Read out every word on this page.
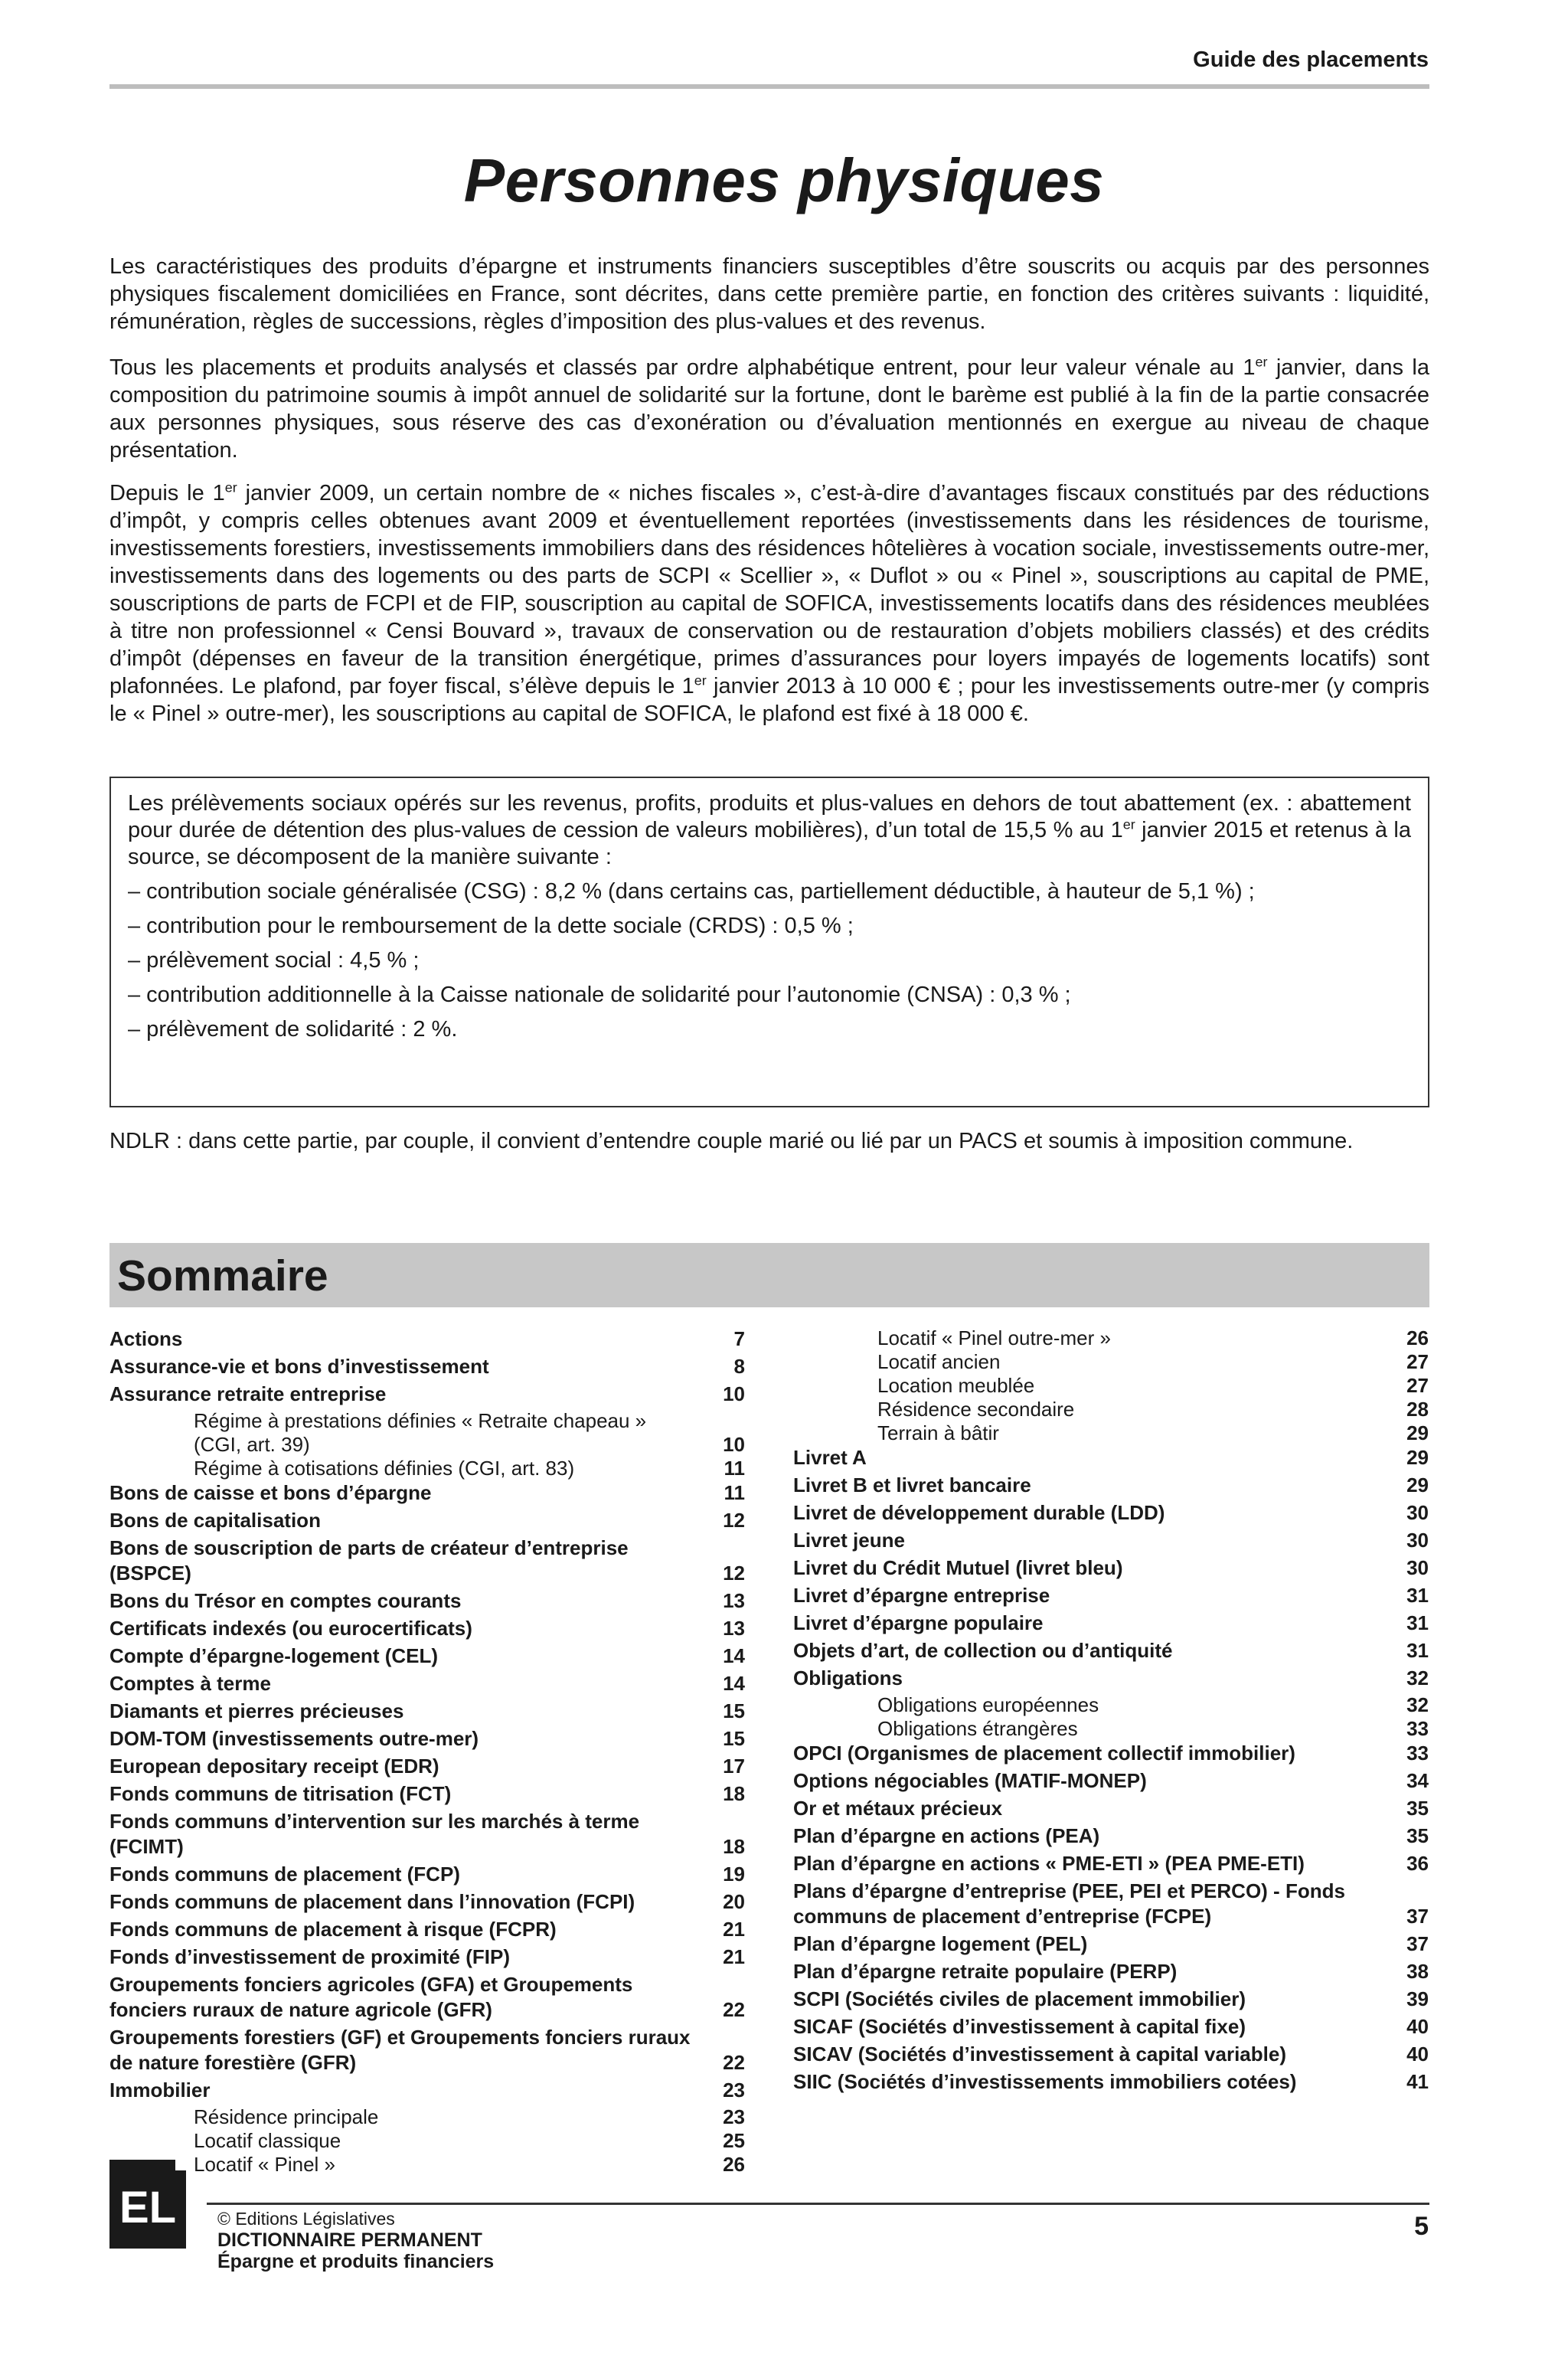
Guide des placements
Personnes physiques

Les caractéristiques des produits d’épargne et instruments financiers susceptibles d’être souscrits ou acquis par des personnes physiques fiscalement domiciliées en France, sont décrites, dans cette première partie, en fonction des critères suivants : liquidité, rémunération, règles de successions, règles d’imposition des plus-values et des revenus.

Tous les placements et produits analysés et classés par ordre alphabétique entrent, pour leur valeur vénale au 1er janvier, dans la composition du patrimoine soumis à impôt annuel de solidarité sur la fortune, dont le barème est publié à la fin de la partie consacrée aux personnes physiques, sous réserve des cas d’exonération ou d’évaluation mentionnés en exergue au niveau de chaque présentation.

Depuis le 1er janvier 2009, un certain nombre de « niches fiscales », c’est-à-dire d’avantages fiscaux constitués par des réductions d’impôt, y compris celles obtenues avant 2009 et éventuellement reportées (investissements dans les résidences de tourisme, investissements forestiers, investissements immobiliers dans des résidences hôtelières à vocation sociale, investissements outre-mer, investissements dans des logements ou des parts de SCPI « Scellier », « Duflot » ou « Pinel », souscriptions au capital de PME, souscriptions de parts de FCPI et de FIP, souscription au capital de SOFICA, investissements locatifs dans des résidences meublées à titre non professionnel « Censi Bouvard », travaux de conservation ou de restauration d’objets mobiliers classés) et des crédits d’impôt (dépenses en faveur de la transition énergétique, primes d’assurances pour loyers impayés de logements locatifs) sont plafonnées. Le plafond, par foyer fiscal, s’élève depuis le 1er janvier 2013 à 10 000 € ; pour les investissements outre-mer (y compris le « Pinel » outre-mer), les souscriptions au capital de SOFICA, le plafond est fixé à 18 000 €.

Les prélèvements sociaux opérés sur les revenus, profits, produits et plus-values en dehors de tout abattement (ex. : abattement pour durée de détention des plus-values de cession de valeurs mobilières), d’un total de 15,5 % au 1er janvier 2015 et retenus à la source, se décomposent de la manière suivante :

– contribution sociale généralisée (CSG) : 8,2 % (dans certains cas, partiellement déductible, à hauteur de 5,1 %) ;

– contribution pour le remboursement de la dette sociale (CRDS) : 0,5 % ;

– prélèvement social : 4,5 % ;

– contribution additionnelle à la Caisse nationale de solidarité pour l’autonomie (CNSA) : 0,3 % ;

– prélèvement de solidarité : 2 %.

NDLR : dans cette partie, par couple, il convient d’entendre couple marié ou lié par un PACS et soumis à imposition commune.

Sommaire
Actions	7
Assurance-vie et bons d’investissement	8
Assurance retraite entreprise	10
Régime à prestations définies « Retraite chapeau » (CGI, art. 39)	10
Régime à cotisations définies (CGI, art. 83)	11
Bons de caisse et bons d’épargne	11
Bons de capitalisation	12
Bons de souscription de parts de créateur d’entreprise (BSPCE)	12
Bons du Trésor en comptes courants	13
Certificats indexés (ou eurocertificats)	13
Compte d’épargne-logement (CEL)	14
Comptes à terme	14
Diamants et pierres précieuses	15
DOM-TOM (investissements outre-mer)	15
European depositary receipt (EDR)	17
Fonds communs de titrisation (FCT)	18
Fonds communs d’intervention sur les marchés à terme (FCIMT)	18
Fonds communs de placement (FCP)	19
Fonds communs de placement dans l’innovation (FCPI)	20
Fonds communs de placement à risque (FCPR)	21
Fonds d’investissement de proximité (FIP)	21
Groupements fonciers agricoles (GFA) et Groupements fonciers ruraux de nature agricole (GFR)	22
Groupements forestiers (GF) et Groupements fonciers ruraux de nature forestière (GFR)	22
Immobilier	23
Résidence principale	23
Locatif classique	25
Locatif « Pinel »	26
Locatif « Pinel outre-mer »	26
Locatif ancien	27
Location meublée	27
Résidence secondaire	28
Terrain à bâtir	29
Livret A	29
Livret B et livret bancaire	29
Livret de développement durable (LDD)	30
Livret jeune	30
Livret du Crédit Mutuel (livret bleu)	30
Livret d’épargne entreprise	31
Livret d’épargne populaire	31
Objets d’art, de collection ou d’antiquité	31
Obligations	32
Obligations européennes	32
Obligations étrangères	33
OPCI (Organismes de placement collectif immobilier)	33
Options négociables (MATIF-MONEP)	34
Or et métaux précieux	35
Plan d’épargne en actions (PEA)	35
Plan d’épargne en actions « PME-ETI » (PEA PME-ETI)	36
Plans d’épargne d’entreprise (PEE, PEI et PERCO) - Fonds communs de placement d’entreprise (FCPE)	37
Plan d’épargne logement (PEL)	37
Plan d’épargne retraite populaire (PERP)	38
SCPI (Sociétés civiles de placement immobilier)	39
SICAF (Sociétés d’investissement à capital fixe)	40
SICAV (Sociétés d’investissement à capital variable)	40
SIIC (Sociétés d’investissements immobiliers cotées)	41
EL © Editions Législatives
DICTIONNAIRE PERMANENT
Épargne et produits financiers
5
